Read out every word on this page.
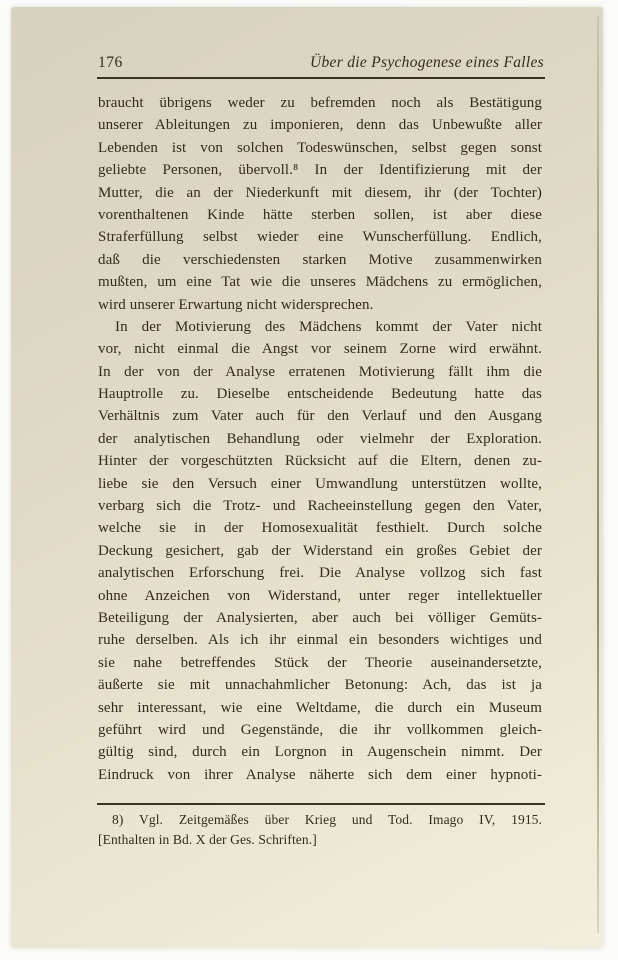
176	Über die Psychogenese eines Falles
braucht übrigens weder zu befremden noch als Bestätigung
unserer Ableitungen zu imponieren, denn das Unbewußte aller
Lebenden ist von solchen Todeswünschen, selbst gegen sonst
geliebte Personen, übervoll.⁸ In der Identifizierung mit der
Mutter, die an der Niederkunft mit diesem, ihr (der Tochter)
vorenthaltenen Kinde hätte sterben sollen, ist aber diese
Straferfüllung selbst wieder eine Wunscherfüllung. Endlich,
daß die verschiedensten starken Motive zusammenwirken
mußten, um eine Tat wie die unseres Mädchens zu ermöglichen,
wird unserer Erwartung nicht widersprechen.
In der Motivierung des Mädchens kommt der Vater nicht
vor, nicht einmal die Angst vor seinem Zorne wird erwähnt.
In der von der Analyse erratenen Motivierung fällt ihm die
Hauptrolle zu. Dieselbe entscheidende Bedeutung hatte das
Verhältnis zum Vater auch für den Verlauf und den Ausgang
der analytischen Behandlung oder vielmehr der Exploration.
Hinter der vorgeschützten Rücksicht auf die Eltern, denen zu-
liebe sie den Versuch einer Umwandlung unterstützen wollte,
verbarg sich die Trotz- und Racheeinstellung gegen den Vater,
welche sie in der Homosexualität festhielt. Durch solche
Deckung gesichert, gab der Widerstand ein großes Gebiet der
analytischen Erforschung frei. Die Analyse vollzog sich fast
ohne Anzeichen von Widerstand, unter reger intellektueller
Beteiligung der Analysierten, aber auch bei völliger Gemüts-
ruhe derselben. Als ich ihr einmal ein besonders wichtiges und
sie nahe betreffendes Stück der Theorie auseinandersetzte,
äußerte sie mit unnachahmlicher Betonung: Ach, das ist ja
sehr interessant, wie eine Weltdame, die durch ein Museum
geführt wird und Gegenstände, die ihr vollkommen gleich-
gültig sind, durch ein Lorgnon in Augenschein nimmt. Der
Eindruck von ihrer Analyse näherte sich dem einer hypnoti-
8) Vgl. Zeitgemäßes über Krieg und Tod. Imago IV, 1915.
[Enthalten in Bd. X der Ges. Schriften.]
